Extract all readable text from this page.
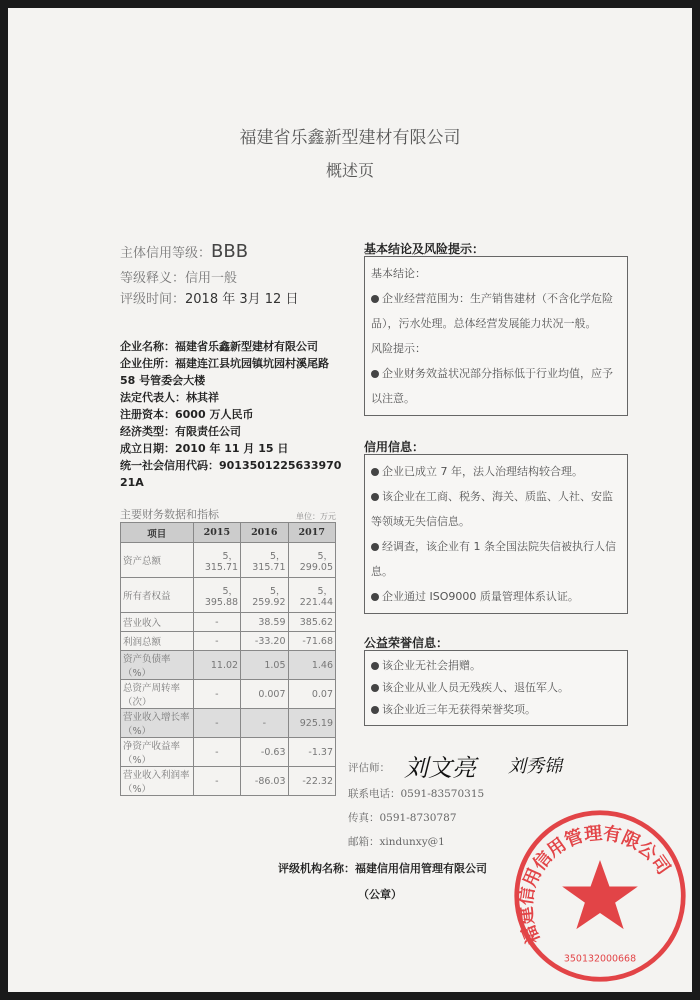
福建省乐鑫新型建材有限公司
概述页
主体信用等级：BBB
等级释义：信用一般
评级时间：2018 年 3月 12 日
企业名称：福建省乐鑫新型建材有限公司
企业住所：福建连江县坑园镇坑园村溪尾路
58 号管委会大楼
法定代表人：林其祥
注册资本：6000 万人民币
经济类型：有限责任公司
成立日期：2010 年 11 月 15 日
统一社会信用代码：9013501225633970 21A
主要财务数据和指标	单位：万元
项目	2015	2016	2017
资产总额	5，315.71	5，315.71	5，299.05
所有者权益	5，395.88	5，259.92	5，221.44
营业收入	-	38.59	385.62
利润总额	-	-33.20	-71.68
资产负债率（%）	11.02	1.05	1.46
总资产周转率（次）	-	0.007	0.07
营业收入增长率（%）	-	-	925.19
净资产收益率（%）	-	-0.63	-1.37
营业收入利润率（%）	-	-86.03	-22.32
基本结论及风险提示：

基本结论：

企业经营范围为：生产销售建材（不含化学危险品），污水处理。总体经营发展能力状况一般。

风险提示：

企业财务效益状况部分指标低于行业均值，应予以注意。

信用信息：

企业已成立 7 年，法人治理结构较合理。

该企业在工商、税务、海关、质监、人社、安监等领域无失信信息。

经调查，该企业有 1 条全国法院失信被执行人信息。

企业通过 ISO9000 质量管理体系认证。

公益荣誉信息：

该企业无社会捐赠。

该企业从业人员无残疾人、退伍军人。

该企业近三年无获得荣誉奖项。

评估师： 刘文亮 刘秀锦
联系电话：0591-83570315
传真：0591-8730787
邮箱：xindunxy@1
评级机构名称：福建信用信用管理有限公司
（公章）
福建信用信用管理有限公司
350132000668
